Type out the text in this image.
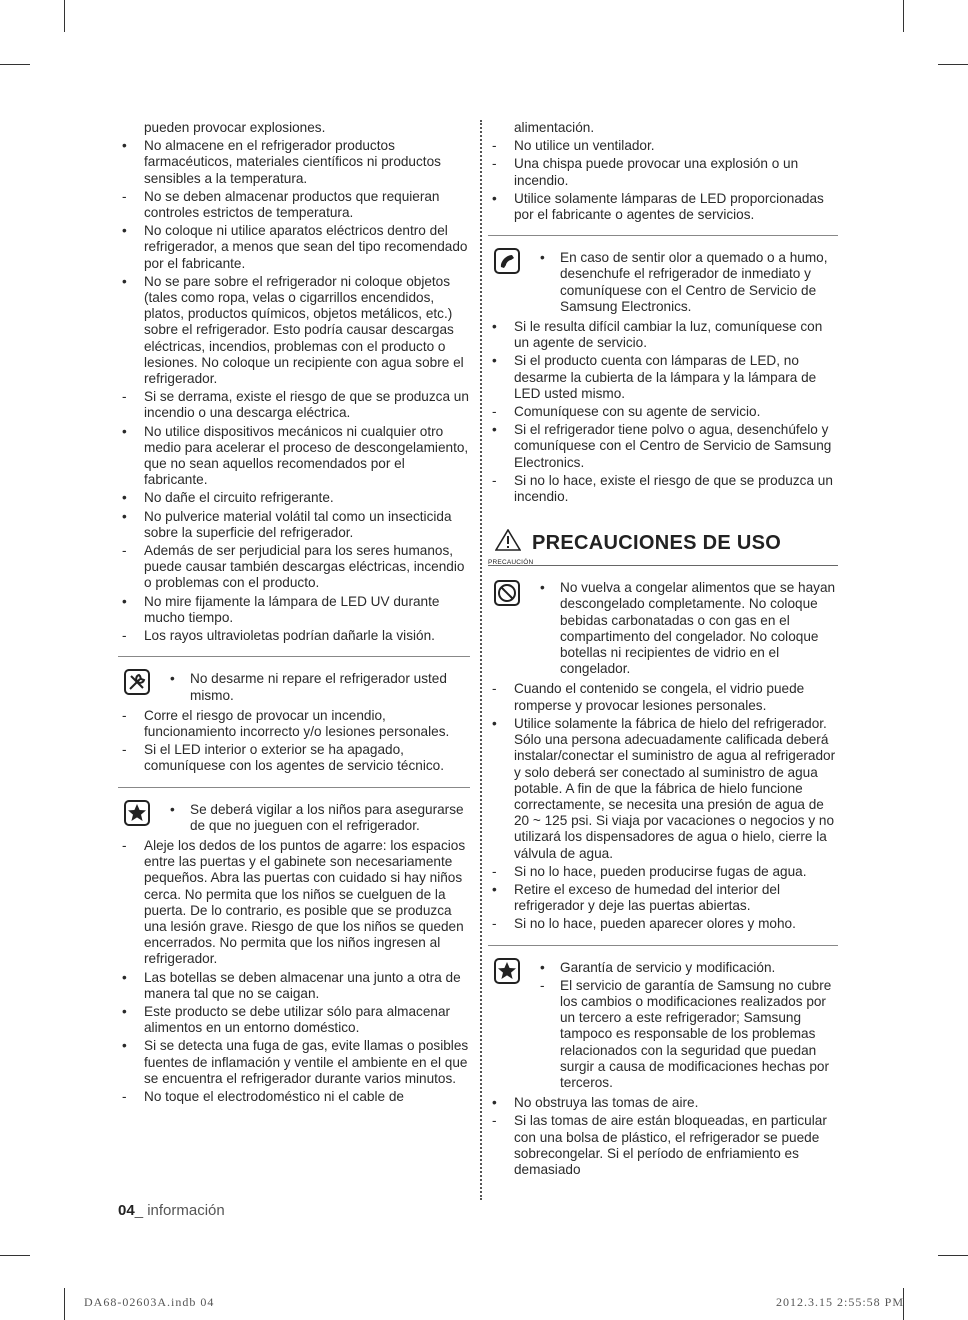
pueden provocar explosiones.
• No almacene en el refrigerador productos farmacéuticos, materiales científicos ni productos sensibles a la temperatura.
- No se deben almacenar productos que requieran controles estrictos de temperatura.
• No coloque ni utilice aparatos eléctricos dentro del refrigerador, a menos que sean del tipo recomendado por el fabricante.
• No se pare sobre el refrigerador ni coloque objetos (tales como ropa, velas o cigarrillos encendidos, platos, productos químicos, objetos metálicos, etc.) sobre el refrigerador. Esto podría causar descargas eléctricas, incendios, problemas con el producto o lesiones. No coloque un recipiente con agua sobre el refrigerador.
- Si se derrama, existe el riesgo de que se produzca un incendio o una descarga eléctrica.
• No utilice dispositivos mecánicos ni cualquier otro medio para acelerar el proceso de descongelamiento, que no sean aquellos recomendados por el fabricante.
• No dañe el circuito refrigerante.
• No pulverice material volátil tal como un insecticida sobre la superficie del refrigerador.
- Además de ser perjudicial para los seres humanos, puede causar también descargas eléctricas, incendio o problemas con el producto.
• No mire fijamente la lámpara de LED UV durante mucho tiempo.
- Los rayos ultravioletas podrían dañarle la visión.
• No desarme ni repare el refrigerador usted mismo.
- Corre el riesgo de provocar un incendio, funcionamiento incorrecto y/o lesiones personales.
- Si el LED interior o exterior se ha apagado, comuníquese con los agentes de servicio técnico.
• Se deberá vigilar a los niños para asegurarse de que no jueguen con el refrigerador.
- Aleje los dedos de los puntos de agarre: los espacios entre las puertas y el gabinete son necesariamente pequeños. Abra las puertas con cuidado si hay niños cerca. No permita que los niños se cuelguen de la puerta. De lo contrario, es posible que se produzca una lesión grave. Riesgo de que los niños se queden encerrados. No permita que los niños ingresen al refrigerador.
• Las botellas se deben almacenar una junto a otra de manera tal que no se caigan.
• Este producto se debe utilizar sólo para almacenar alimentos en un entorno doméstico.
• Si se detecta una fuga de gas, evite llamas o posibles fuentes de inflamación y ventile el ambiente en el que se encuentra el refrigerador durante varios minutos.
- No toque el electrodoméstico ni el cable de
alimentación.
- No utilice un ventilador.
- Una chispa puede provocar una explosión o un incendio.
• Utilice solamente lámparas de LED proporcionadas por el fabricante o agentes de servicios.
• En caso de sentir olor a quemado o a humo, desenchufe el refrigerador de inmediato y comuníquese con el Centro de Servicio de Samsung Electronics.
• Si le resulta difícil cambiar la luz, comuníquese con un agente de servicio.
• Si el producto cuenta con lámparas de LED, no desarme la cubierta de la lámpara y la lámpara de LED usted mismo.
- Comuníquese con su agente de servicio.
• Si el refrigerador tiene polvo o agua, desenchúfelo y comuníquese con el Centro de Servicio de Samsung Electronics.
- Si no lo hace, existe el riesgo de que se produzca un incendio.
PRECAUCIÓN
PRECAUCIONES DE USO
• No vuelva a congelar alimentos que se hayan descongelado completamente. No coloque bebidas carbonatadas o con gas en el compartimento del congelador. No coloque botellas ni recipientes de vidrio en el congelador.
- Cuando el contenido se congela, el vidrio puede romperse y provocar lesiones personales.
• Utilice solamente la fábrica de hielo del refrigerador. Sólo una persona adecuadamente calificada deberá instalar/conectar el suministro de agua al refrigerador y solo deberá ser conectado al suministro de agua potable. A fin de que la fábrica de hielo funcione correctamente, se necesita una presión de agua de 20 ~ 125 psi. Si viaja por vacaciones o negocios y no utilizará los dispensadores de agua o hielo, cierre la válvula de agua.
- Si no lo hace, pueden producirse fugas de agua.
• Retire el exceso de humedad del interior del refrigerador y deje las puertas abiertas.
- Si no lo hace, pueden aparecer olores y moho.
• Garantía de servicio y modificación.
- El servicio de garantía de Samsung no cubre los cambios o modificaciones realizados por un tercero a este refrigerador; Samsung tampoco es responsable de los problemas relacionados con la seguridad que puedan surgir a causa de modificaciones hechas por terceros.
• No obstruya las tomas de aire.
- Si las tomas de aire están bloqueadas, en particular con una bolsa de plástico, el refrigerador se puede sobrecongelar. Si el período de enfriamiento es demasiado
04_ información
DA68-02603A.indb 04	2012.3.15 2:55:58 PM
